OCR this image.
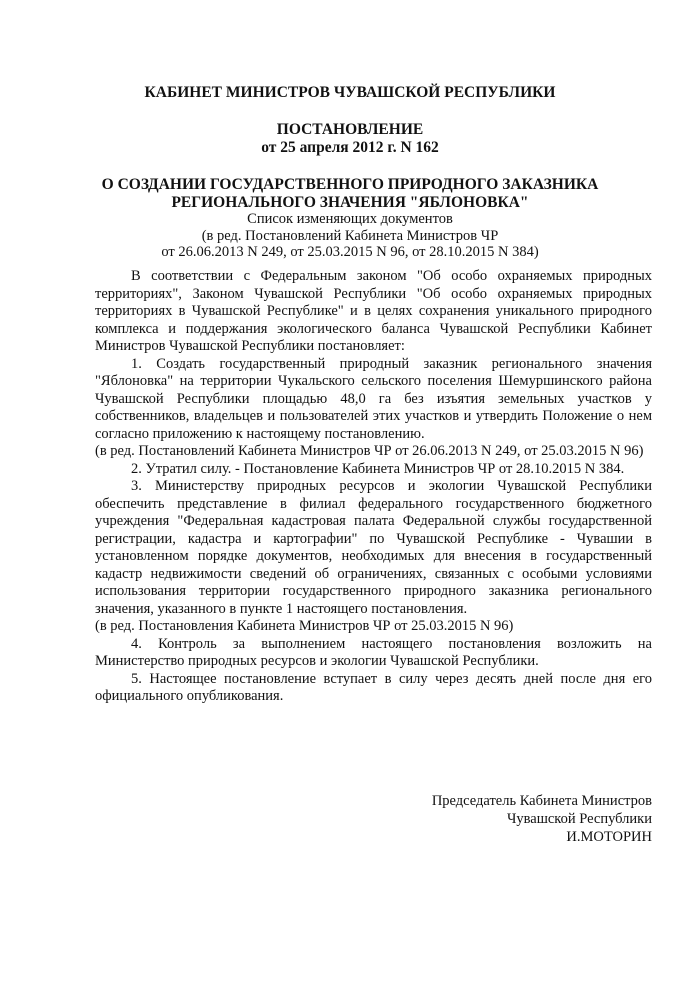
КАБИНЕТ МИНИСТРОВ ЧУВАШСКОЙ РЕСПУБЛИКИ
ПОСТАНОВЛЕНИЕ
от 25 апреля 2012 г. N 162
О СОЗДАНИИ ГОСУДАРСТВЕННОГО ПРИРОДНОГО ЗАКАЗНИКА
РЕГИОНАЛЬНОГО ЗНАЧЕНИЯ "ЯБЛОНОВКА"
Список изменяющих документов
(в ред. Постановлений Кабинета Министров ЧР
от 26.06.2013 N 249, от 25.03.2015 N 96, от 28.10.2015 N 384)

В соответствии с Федеральным законом "Об особо охраняемых природных территориях", Законом Чувашской Республики "Об особо охраняемых природных территориях в Чувашской Республике" и в целях сохранения уникального природного комплекса и поддержания экологического баланса Чувашской Республики Кабинет Министров Чувашской Республики постановляет:

1. Создать государственный природный заказник регионального значения "Яблоновка" на территории Чукальского сельского поселения Шемуршинского района Чувашской Республики площадью 48,0 га без изъятия земельных участков у собственников, владельцев и пользователей этих участков и утвердить Положение о нем согласно приложению к настоящему постановлению.

(в ред. Постановлений Кабинета Министров ЧР от 26.06.2013 N 249, от 25.03.2015 N 96)

2. Утратил силу. - Постановление Кабинета Министров ЧР от 28.10.2015 N 384.

3. Министерству природных ресурсов и экологии Чувашской Республики обеспечить представление в филиал федерального государственного бюджетного учреждения "Федеральная кадастровая палата Федеральной службы государственной регистрации, кадастра и картографии" по Чувашской Республике - Чувашии в установленном порядке документов, необходимых для внесения в государственный кадастр недвижимости сведений об ограничениях, связанных с особыми условиями использования территории государственного природного заказника регионального значения, указанного в пункте 1 настоящего постановления.

(в ред. Постановления Кабинета Министров ЧР от 25.03.2015 N 96)

4. Контроль за выполнением настоящего постановления возложить на Министерство природных ресурсов и экологии Чувашской Республики.

5. Настоящее постановление вступает в силу через десять дней после дня его официального опубликования.

Председатель Кабинета Министров
Чувашской Республики
И.МОТОРИН
